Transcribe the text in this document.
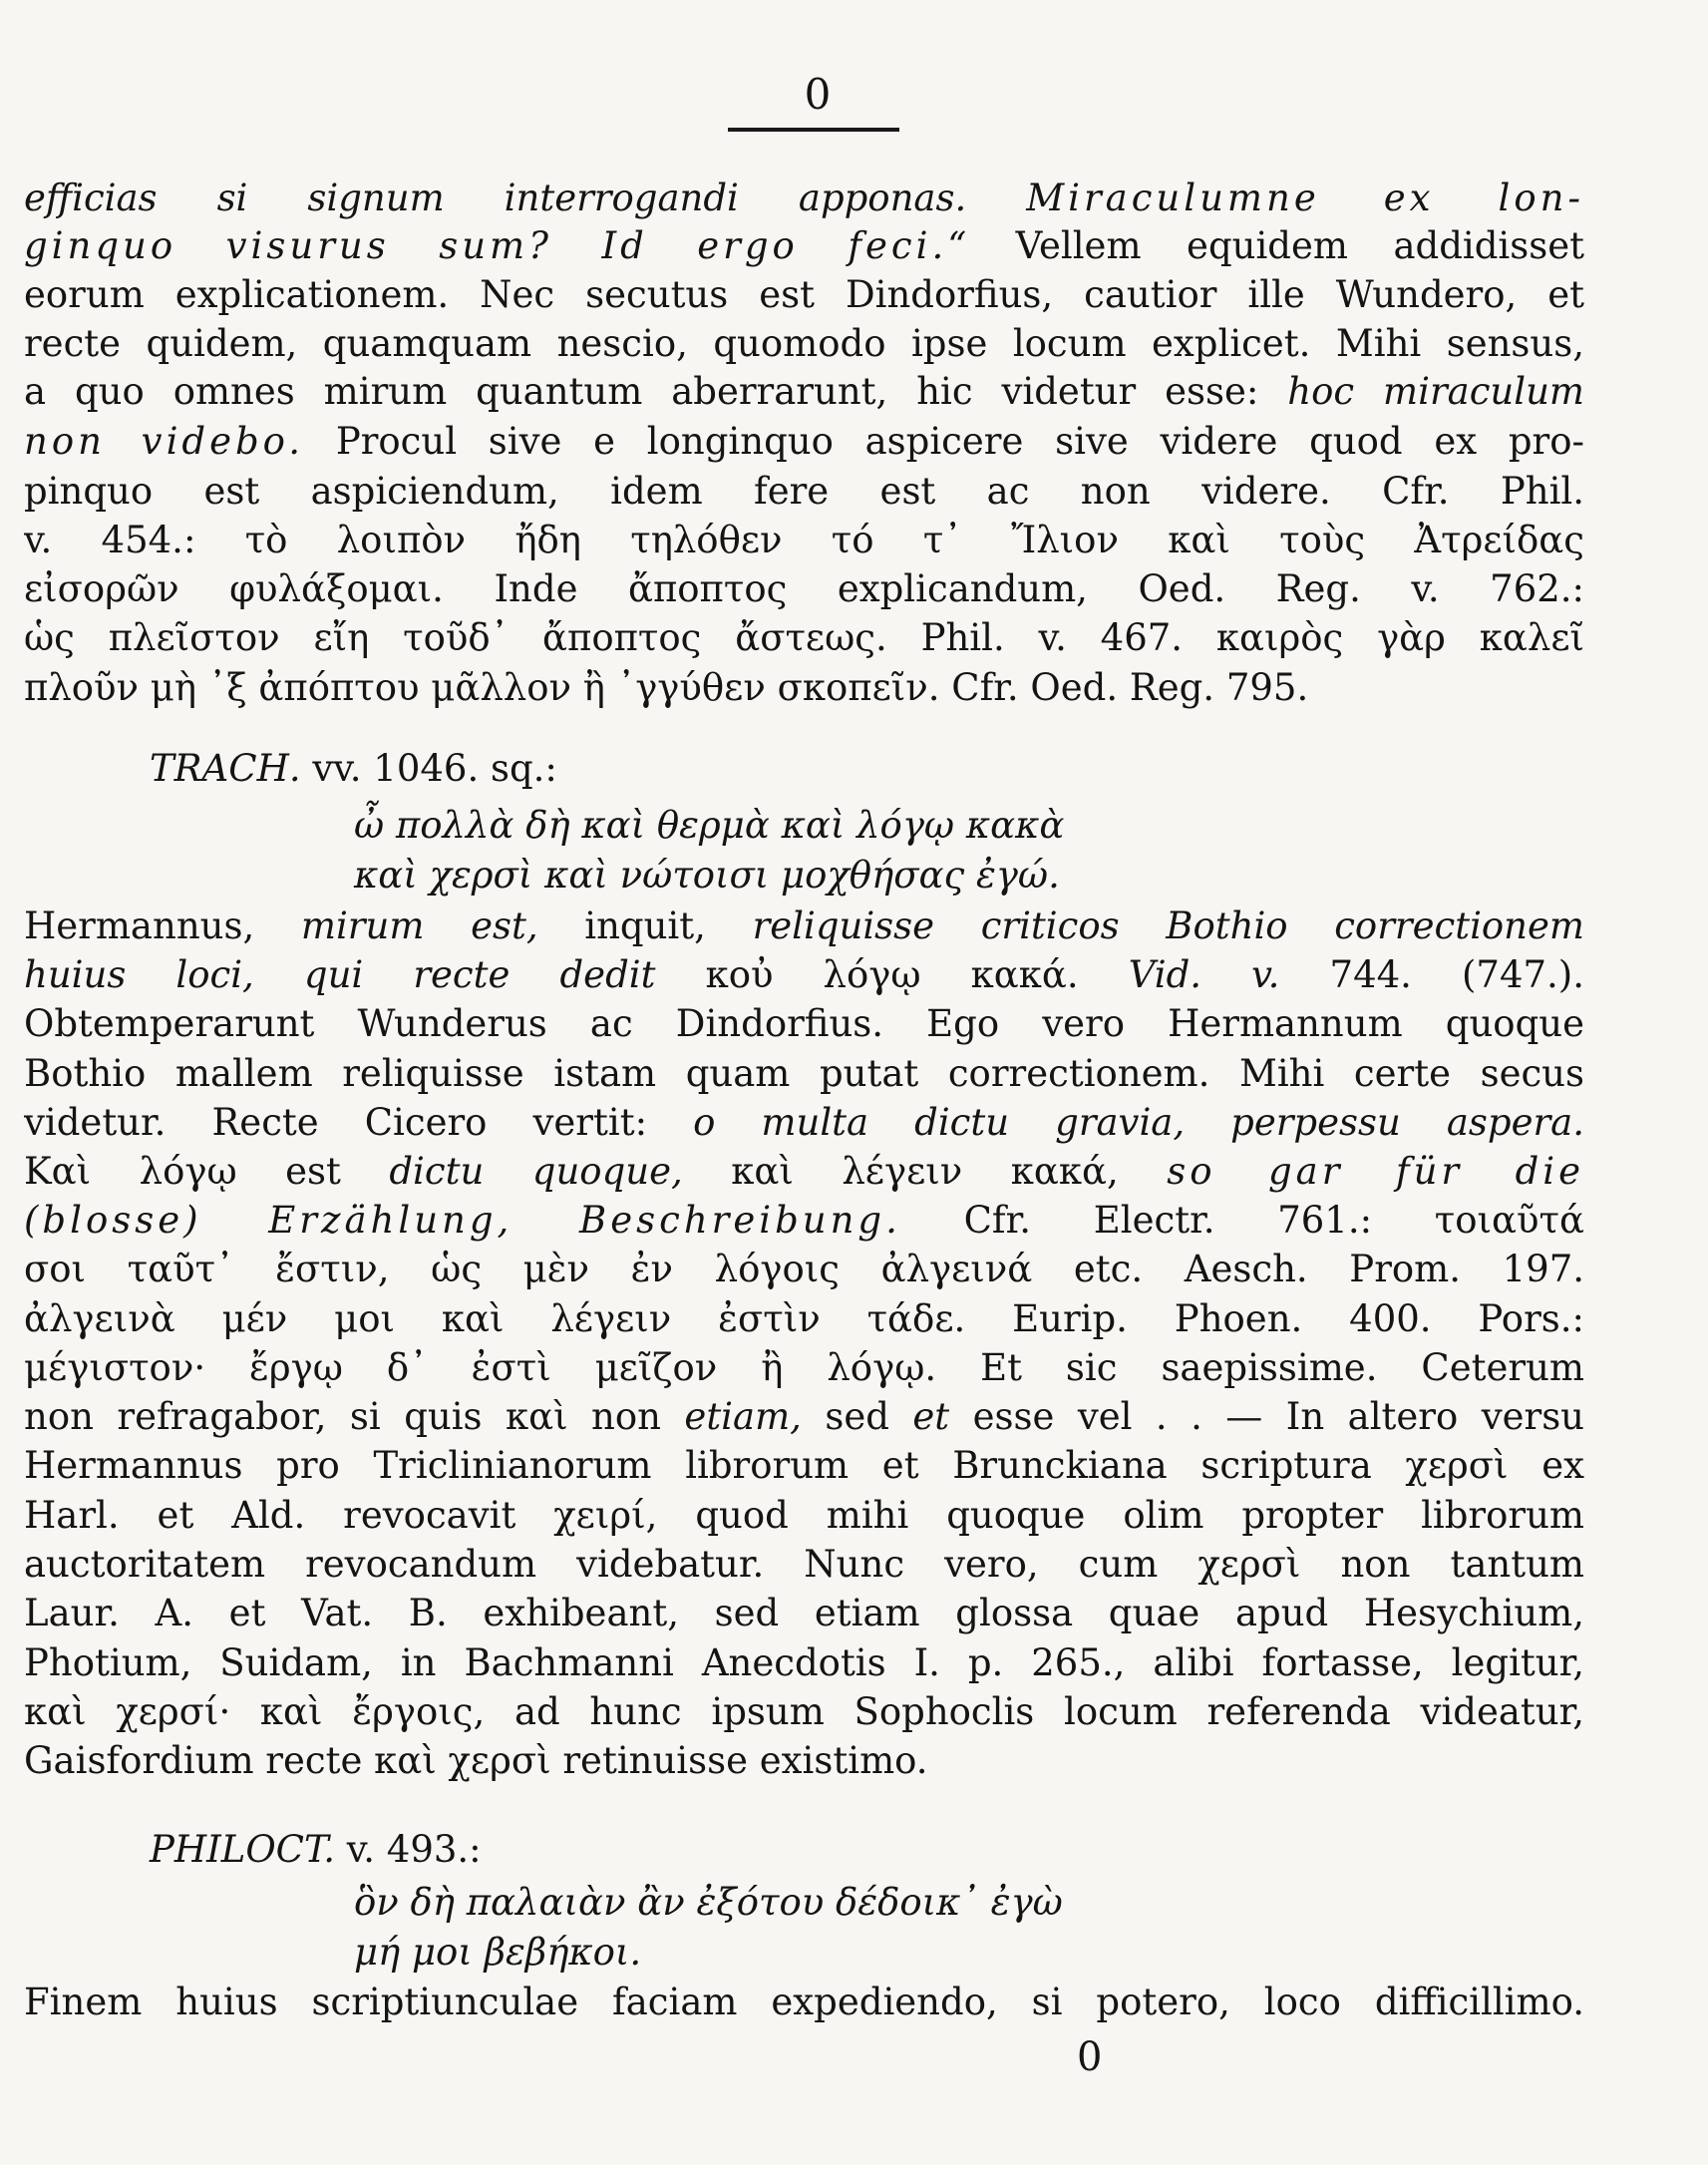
0
efficias si signum interrogandi apponas. Miraculumne ex lon-
ginquo visurus sum? Id ergo feci.“ Vellem equidem addidisset
eorum explicationem. Nec secutus est Dindorfius, cautior ille Wundero, et
recte quidem, quamquam nescio, quomodo ipse locum explicet. Mihi sensus,
a quo omnes mirum quantum aberrarunt, hic videtur esse: hoc miraculum
non videbo. Procul sive e longinquo aspicere sive videre quod ex pro-
pinquo est aspiciendum, idem fere est ac non videre. Cfr. Phil.
v. 454.: τὸ λοιπὸν ἤδη τηλόθεν τό τ᾽ Ἴλιον καὶ τοὺς Ἀτρείδας
εἰσορῶν φυλάξομαι. Inde ἄποπτος explicandum, Oed. Reg. v. 762.:
ὡς πλεῖστον εἴη τοῦδ᾽ ἄποπτος ἄστεως. Phil. v. 467. καιρὸς γὰρ καλεῖ
πλοῦν μὴ ᾽ξ ἀπόπτου μᾶλλον ἢ ᾽γγύθεν σκοπεῖν. Cfr. Oed. Reg. 795.
TRACH. vv. 1046. sq.:
ὦ πολλὰ δὴ καὶ θερμὰ καὶ λόγῳ κακὰ
καὶ χερσὶ καὶ νώτοισι μοχθήσας ἐγώ.
Hermannus, mirum est, inquit, reliquisse criticos Bothio correctionem
huius loci, qui recte dedit κοὐ λόγῳ κακά. Vid. v. 744. (747.).
Obtemperarunt Wunderus ac Dindorfius. Ego vero Hermannum quoque
Bothio mallem reliquisse istam quam putat correctionem. Mihi certe secus
videtur. Recte Cicero vertit: o multa dictu gravia, perpessu aspera.
Καὶ λόγῳ est dictu quoque, καὶ λέγειν κακά, so gar für die
(blosse) Erzählung, Beschreibung. Cfr. Electr. 761.: τοιαῦτά
σοι ταῦτ᾽ ἔστιν, ὡς μὲν ἐν λόγοις ἀλγεινά etc. Aesch. Prom. 197.
ἀλγεινὰ μέν μοι καὶ λέγειν ἐστὶν τάδε. Eurip. Phoen. 400. Pors.:
μέγιστον· ἔργῳ δ᾽ ἐστὶ μεῖζον ἢ λόγῳ. Et sic saepissime. Ceterum
non refragabor, si quis καὶ non etiam, sed et esse vel . . — In altero versu
Hermannus pro Triclinianorum librorum et Brunckiana scriptura χερσὶ ex
Harl. et Ald. revocavit χειρί, quod mihi quoque olim propter librorum
auctoritatem revocandum videbatur. Nunc vero, cum χερσὶ non tantum
Laur. A. et Vat. B. exhibeant, sed etiam glossa quae apud Hesychium,
Photium, Suidam, in Bachmanni Anecdotis I. p. 265., alibi fortasse, legitur,
καὶ χερσί· καὶ ἔργοις, ad hunc ipsum Sophoclis locum referenda videatur,
Gaisfordium recte καὶ χερσὶ retinuisse existimo.
PHILOCT. v. 493.:
ὃν δὴ παλαιὰν ἂν ἐξότου δέδοικ᾽ ἐγὼ
μή μοι βεβήκοι.
Finem huius scriptiunculae faciam expediendo, si potero, loco difficillimo.
0
